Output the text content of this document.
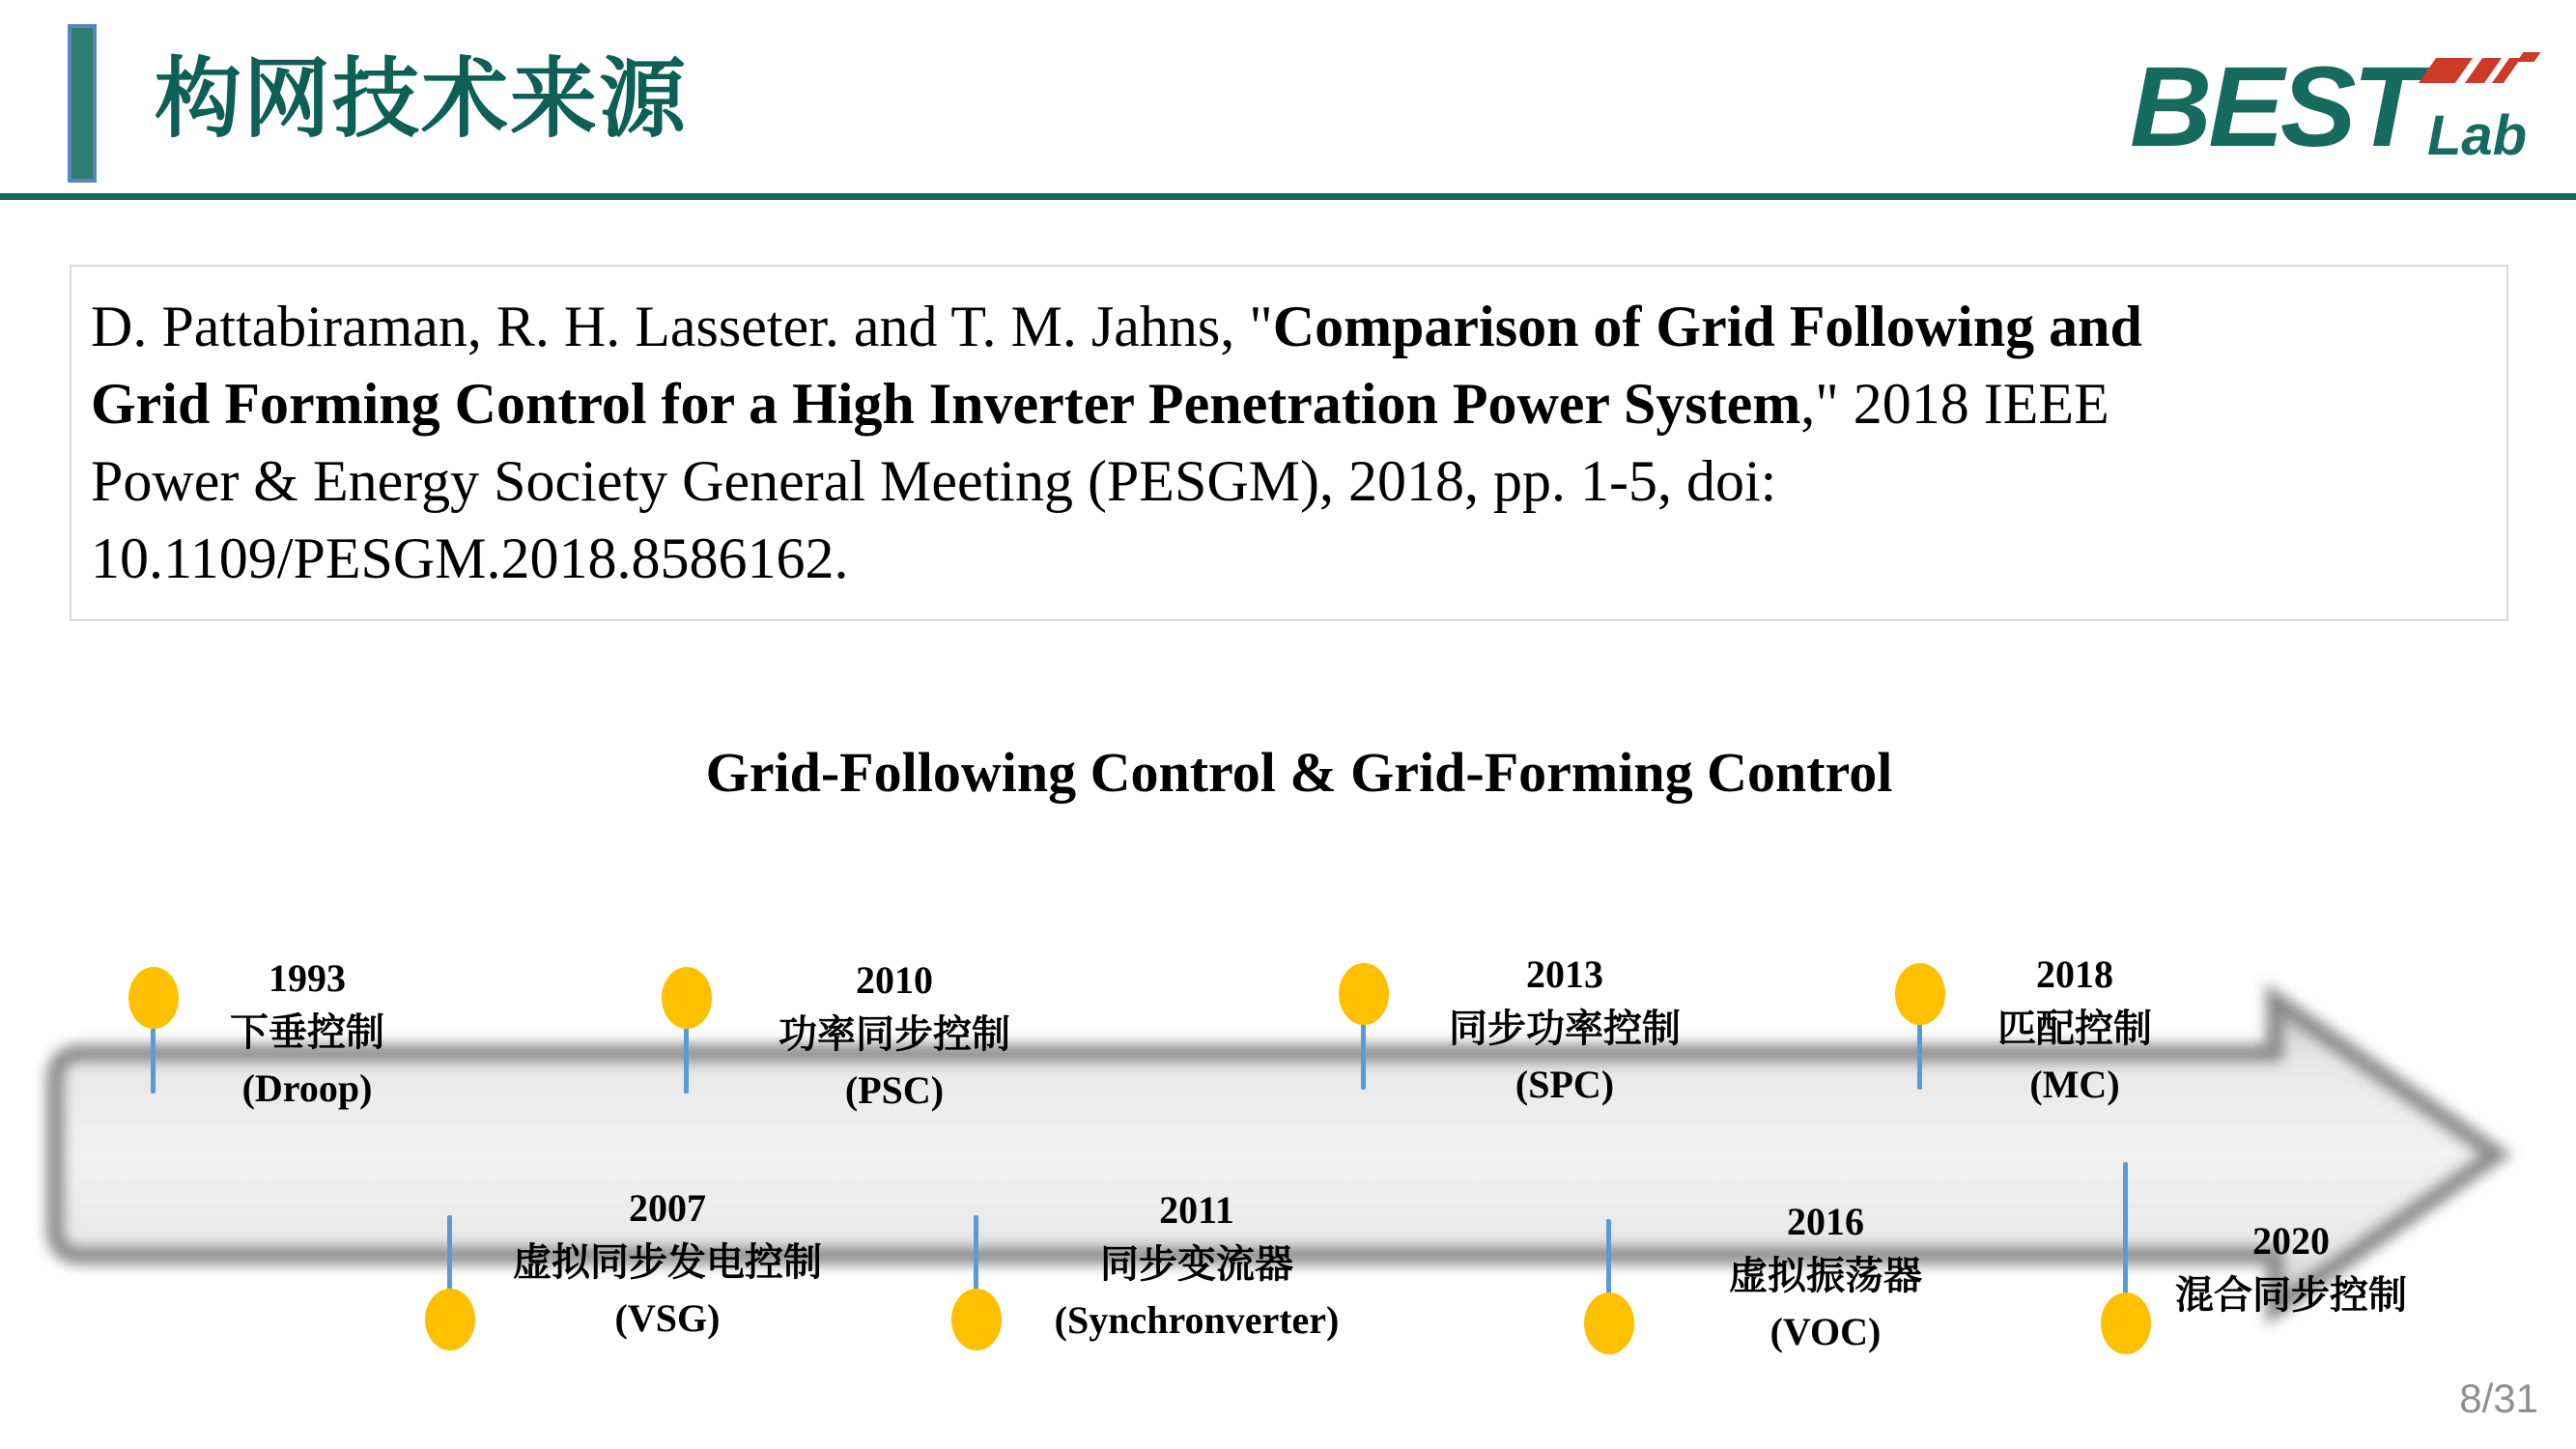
构网技术来源	BEST Lab
D. Pattabiraman, R. H. Lasseter. and T. M. Jahns, "Comparison of Grid Following and
Grid Forming Control for a High Inverter Penetration Power System," 2018 IEEE
Power & Energy Society General Meeting (PESGM), 2018, pp. 1-5, doi:
10.1109/PESGM.2018.8586162.
Grid-Following Control & Grid-Forming Control
1993
下垂控制
(Droop)
2007
虚拟同步发电控制
(VSG)
2010
功率同步控制
(PSC)
2011
同步变流器
(Synchronverter)
2013
同步功率控制
(SPC)
2016
虚拟振荡器
(VOC)
2018
匹配控制
(MC)
2020
混合同步控制
8/31
